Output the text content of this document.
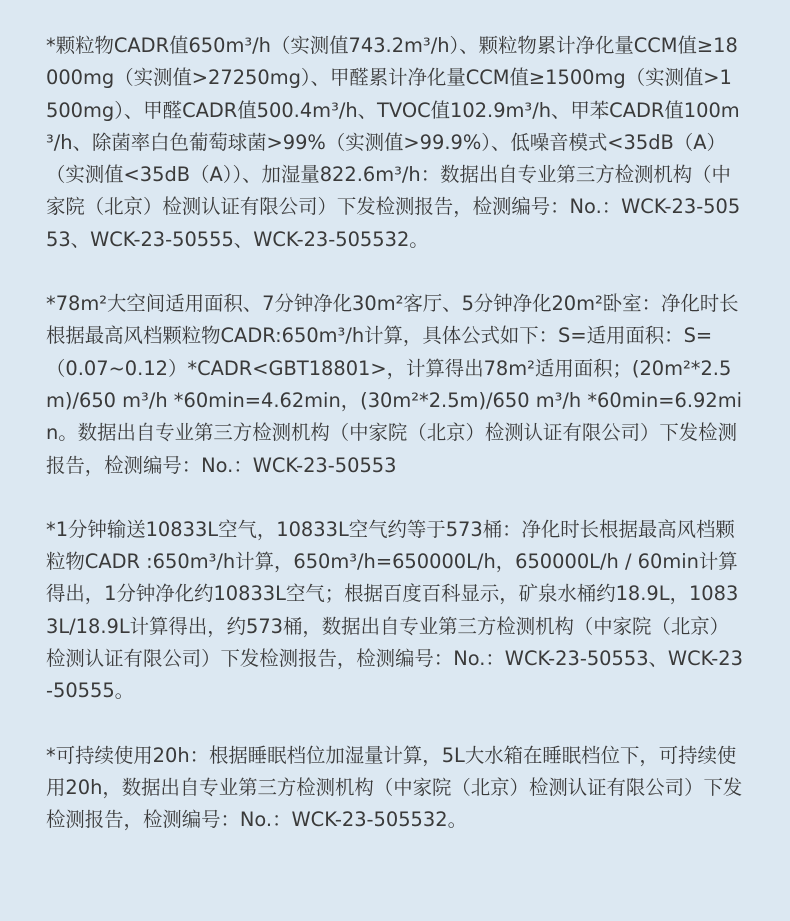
*颗粒物CADR值650m³/h（实测值743.2m³/h）、颗粒物累计净化量CCM值≥18000mg（实测值>27250mg）、甲醛累计净化量CCM值≥1500mg（实测值>1500mg）、甲醛CADR值500.4m³/h、TVOC值102.9m³/h、甲苯CADR值100m³/h、除菌率白色葡萄球菌>99%（实测值>99.9%）、低噪音模式<35dB（A）（实测值<35dB（A））、加湿量822.6m³/h：数据出自专业第三方检测机构（中家院（北京）检测认证有限公司）下发检测报告，检测编号：No.：WCK-23-50553、WCK-23-50555、WCK-23-505532。

*78m²大空间适用面积、7分钟净化30m²客厅、5分钟净化20m²卧室：净化时长根据最高风档颗粒物CADR:650m³/h计算，具体公式如下：S=适用面积：S=（0.07~0.12）*CADR<GBT18801>，计算得出78m²适用面积；(20m²*2.5m)/650 m³/h *60min=4.62min，(30m²*2.5m)/650 m³/h *60min=6.92min。数据出自专业第三方检测机构（中家院（北京）检测认证有限公司）下发检测报告，检测编号：No.：WCK-23-50553

*1分钟输送10833L空气，10833L空气约等于573桶：净化时长根据最高风档颗粒物CADR :650m³/h计算，650m³/h=650000L/h，650000L/h / 60min计算得出，1分钟净化约10833L空气；根据百度百科显示，矿泉水桶约18.9L，10833L/18.9L计算得出，约573桶，数据出自专业第三方检测机构（中家院（北京）检测认证有限公司）下发检测报告，检测编号：No.：WCK-23-50553、WCK-23-50555。

*可持续使用20h：根据睡眠档位加湿量计算，5L大水箱在睡眠档位下，可持续使用20h，数据出自专业第三方检测机构（中家院（北京）检测认证有限公司）下发检测报告，检测编号：No.：WCK-23-505532。
